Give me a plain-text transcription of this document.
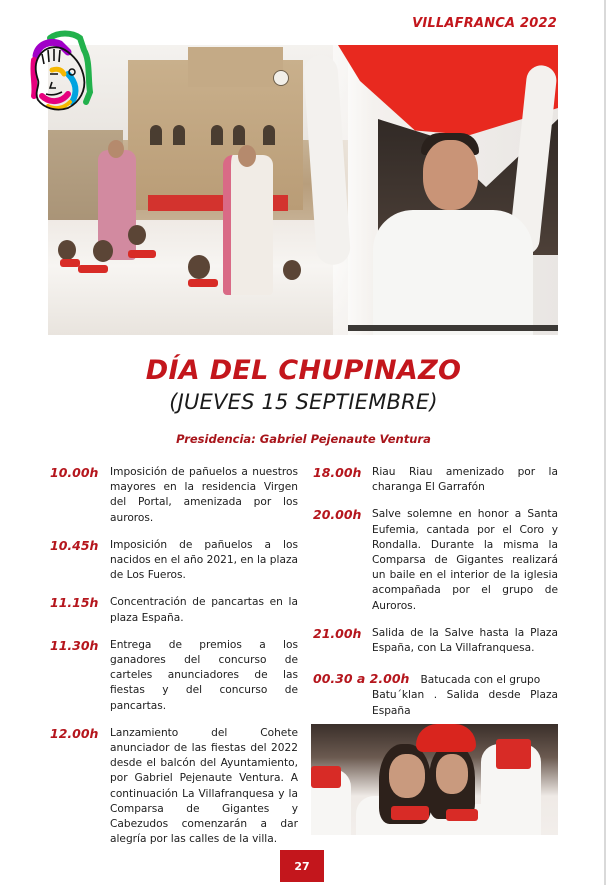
VILLAFRANCA 2022
DÍA DEL CHUPINAZO
(JUEVES 15 SEPTIEMBRE)
Presidencia: Gabriel Pejenaute Ventura
10.00h	Imposición de pañuelos a nuestros mayores en la residencia Virgen del Portal, amenizada por los auroros.
10.45h	Imposición de pañuelos a los nacidos en el año 2021, en la plaza de Los Fueros.
11.15h	Concentración de pancartas en la plaza España.
11.30h	Entrega de premios a los ganadores del concurso de carteles anunciadores de las fiestas y del concurso de pancartas.
12.00h	Lanzamiento del Cohete anunciador de las fiestas del 2022 desde el balcón del Ayuntamiento, por Gabriel Pejenaute Ventura. A continuación La Villafranquesa y la Comparsa de Gigantes y Cabezudos comenzarán a dar alegría por las calles de la villa.
18.00h Riau Riau amenizado por la charanga El Garrafón
20.00h Salve solemne en honor a Santa Eufemia, cantada por el Coro y Rondalla. Durante la misma la Comparsa de Gigantes realizará un baile en el interior de la iglesia acompañada por el grupo de Auroros.
21.00h Salida de la Salve hasta la Plaza España, con La Villafranquesa.
00.30 a 2.00h Batucada con el grupo
Batu´klan . Salida desde Plaza España
27
